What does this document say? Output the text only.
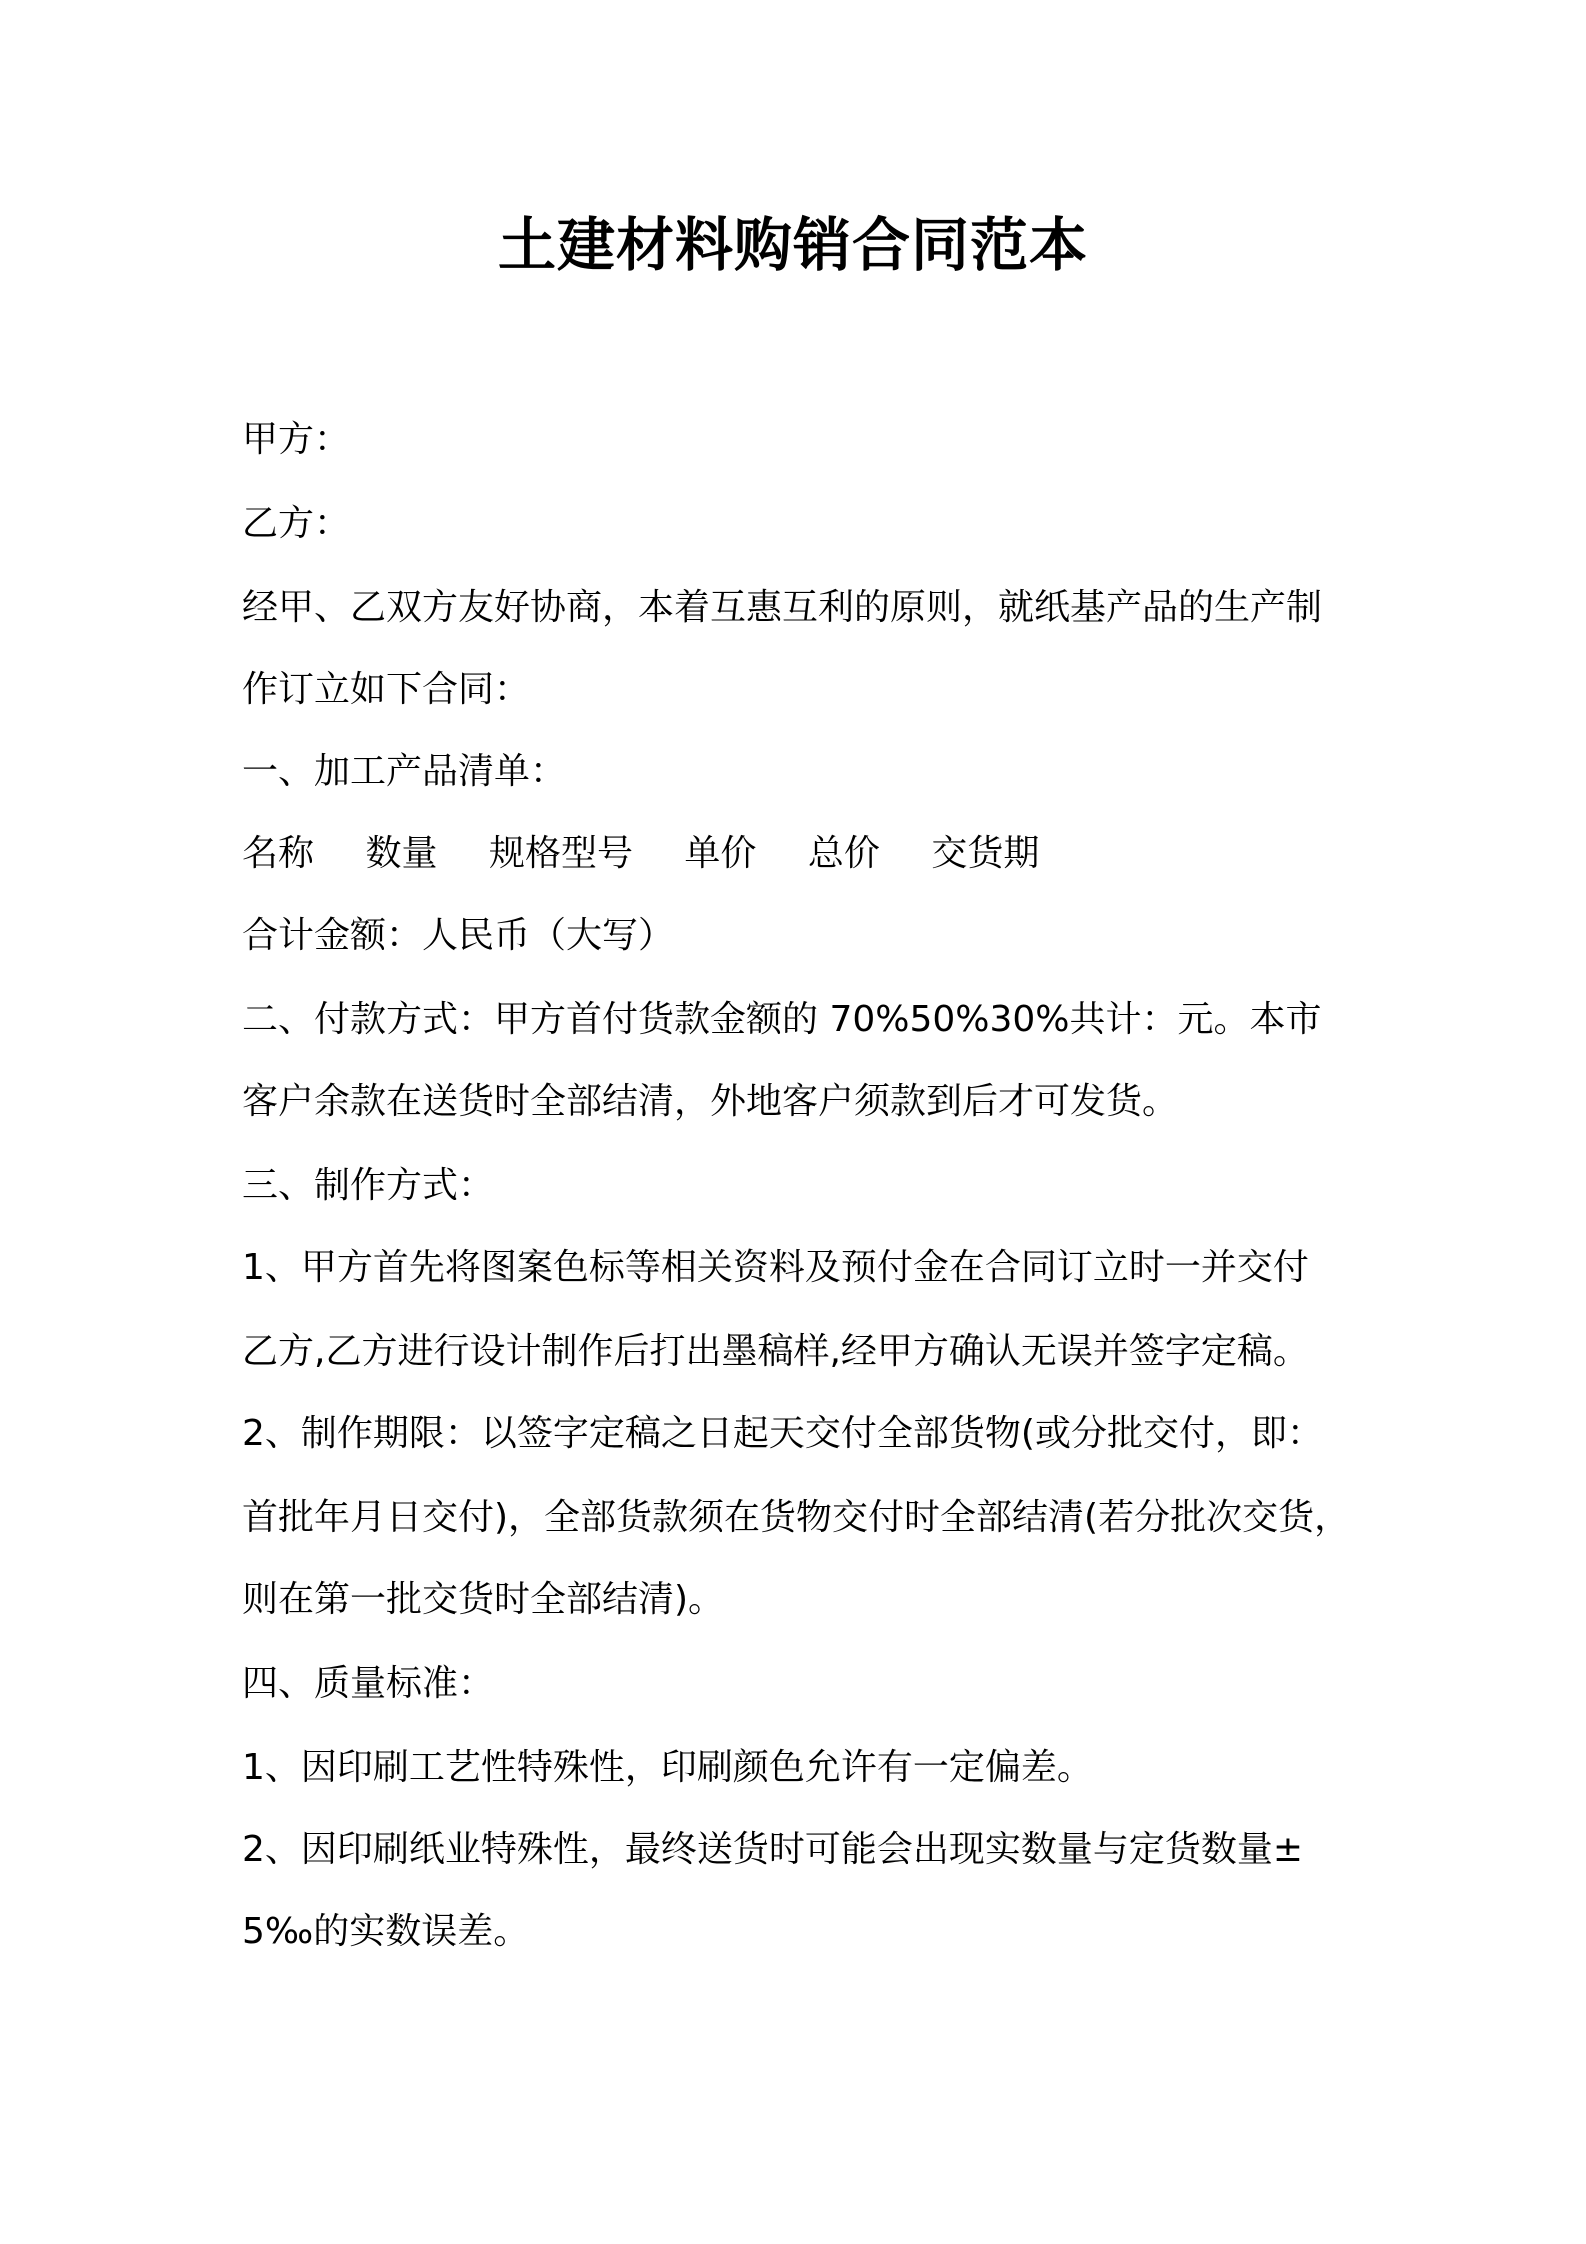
土建材料购销合同范本
甲方：
乙方：
经甲、乙双方友好协商，本着互惠互利的原则，就纸基产品的生产制
作订立如下合同：
一、加工产品清单：
名称 数量 规格型号 单价 总价 交货期
合计金额：人民币（大写）
二、付款方式：甲方首付货款金额的 70%50%30%共计：元。本市
客户余款在送货时全部结清，外地客户须款到后才可发货。
三、制作方式：
1、甲方首先将图案色标等相关资料及预付金在合同订立时一并交付
乙方,乙方进行设计制作后打出墨稿样,经甲方确认无误并签字定稿。
2、制作期限：以签字定稿之日起天交付全部货物(或分批交付，即：
首批年月日交付)，全部货款须在货物交付时全部结清(若分批次交货，
则在第一批交货时全部结清)。
四、质量标准：
1、因印刷工艺性特殊性，印刷颜色允许有一定偏差。
2、因印刷纸业特殊性，最终送货时可能会出现实数量与定货数量±
5‰的实数误差。
